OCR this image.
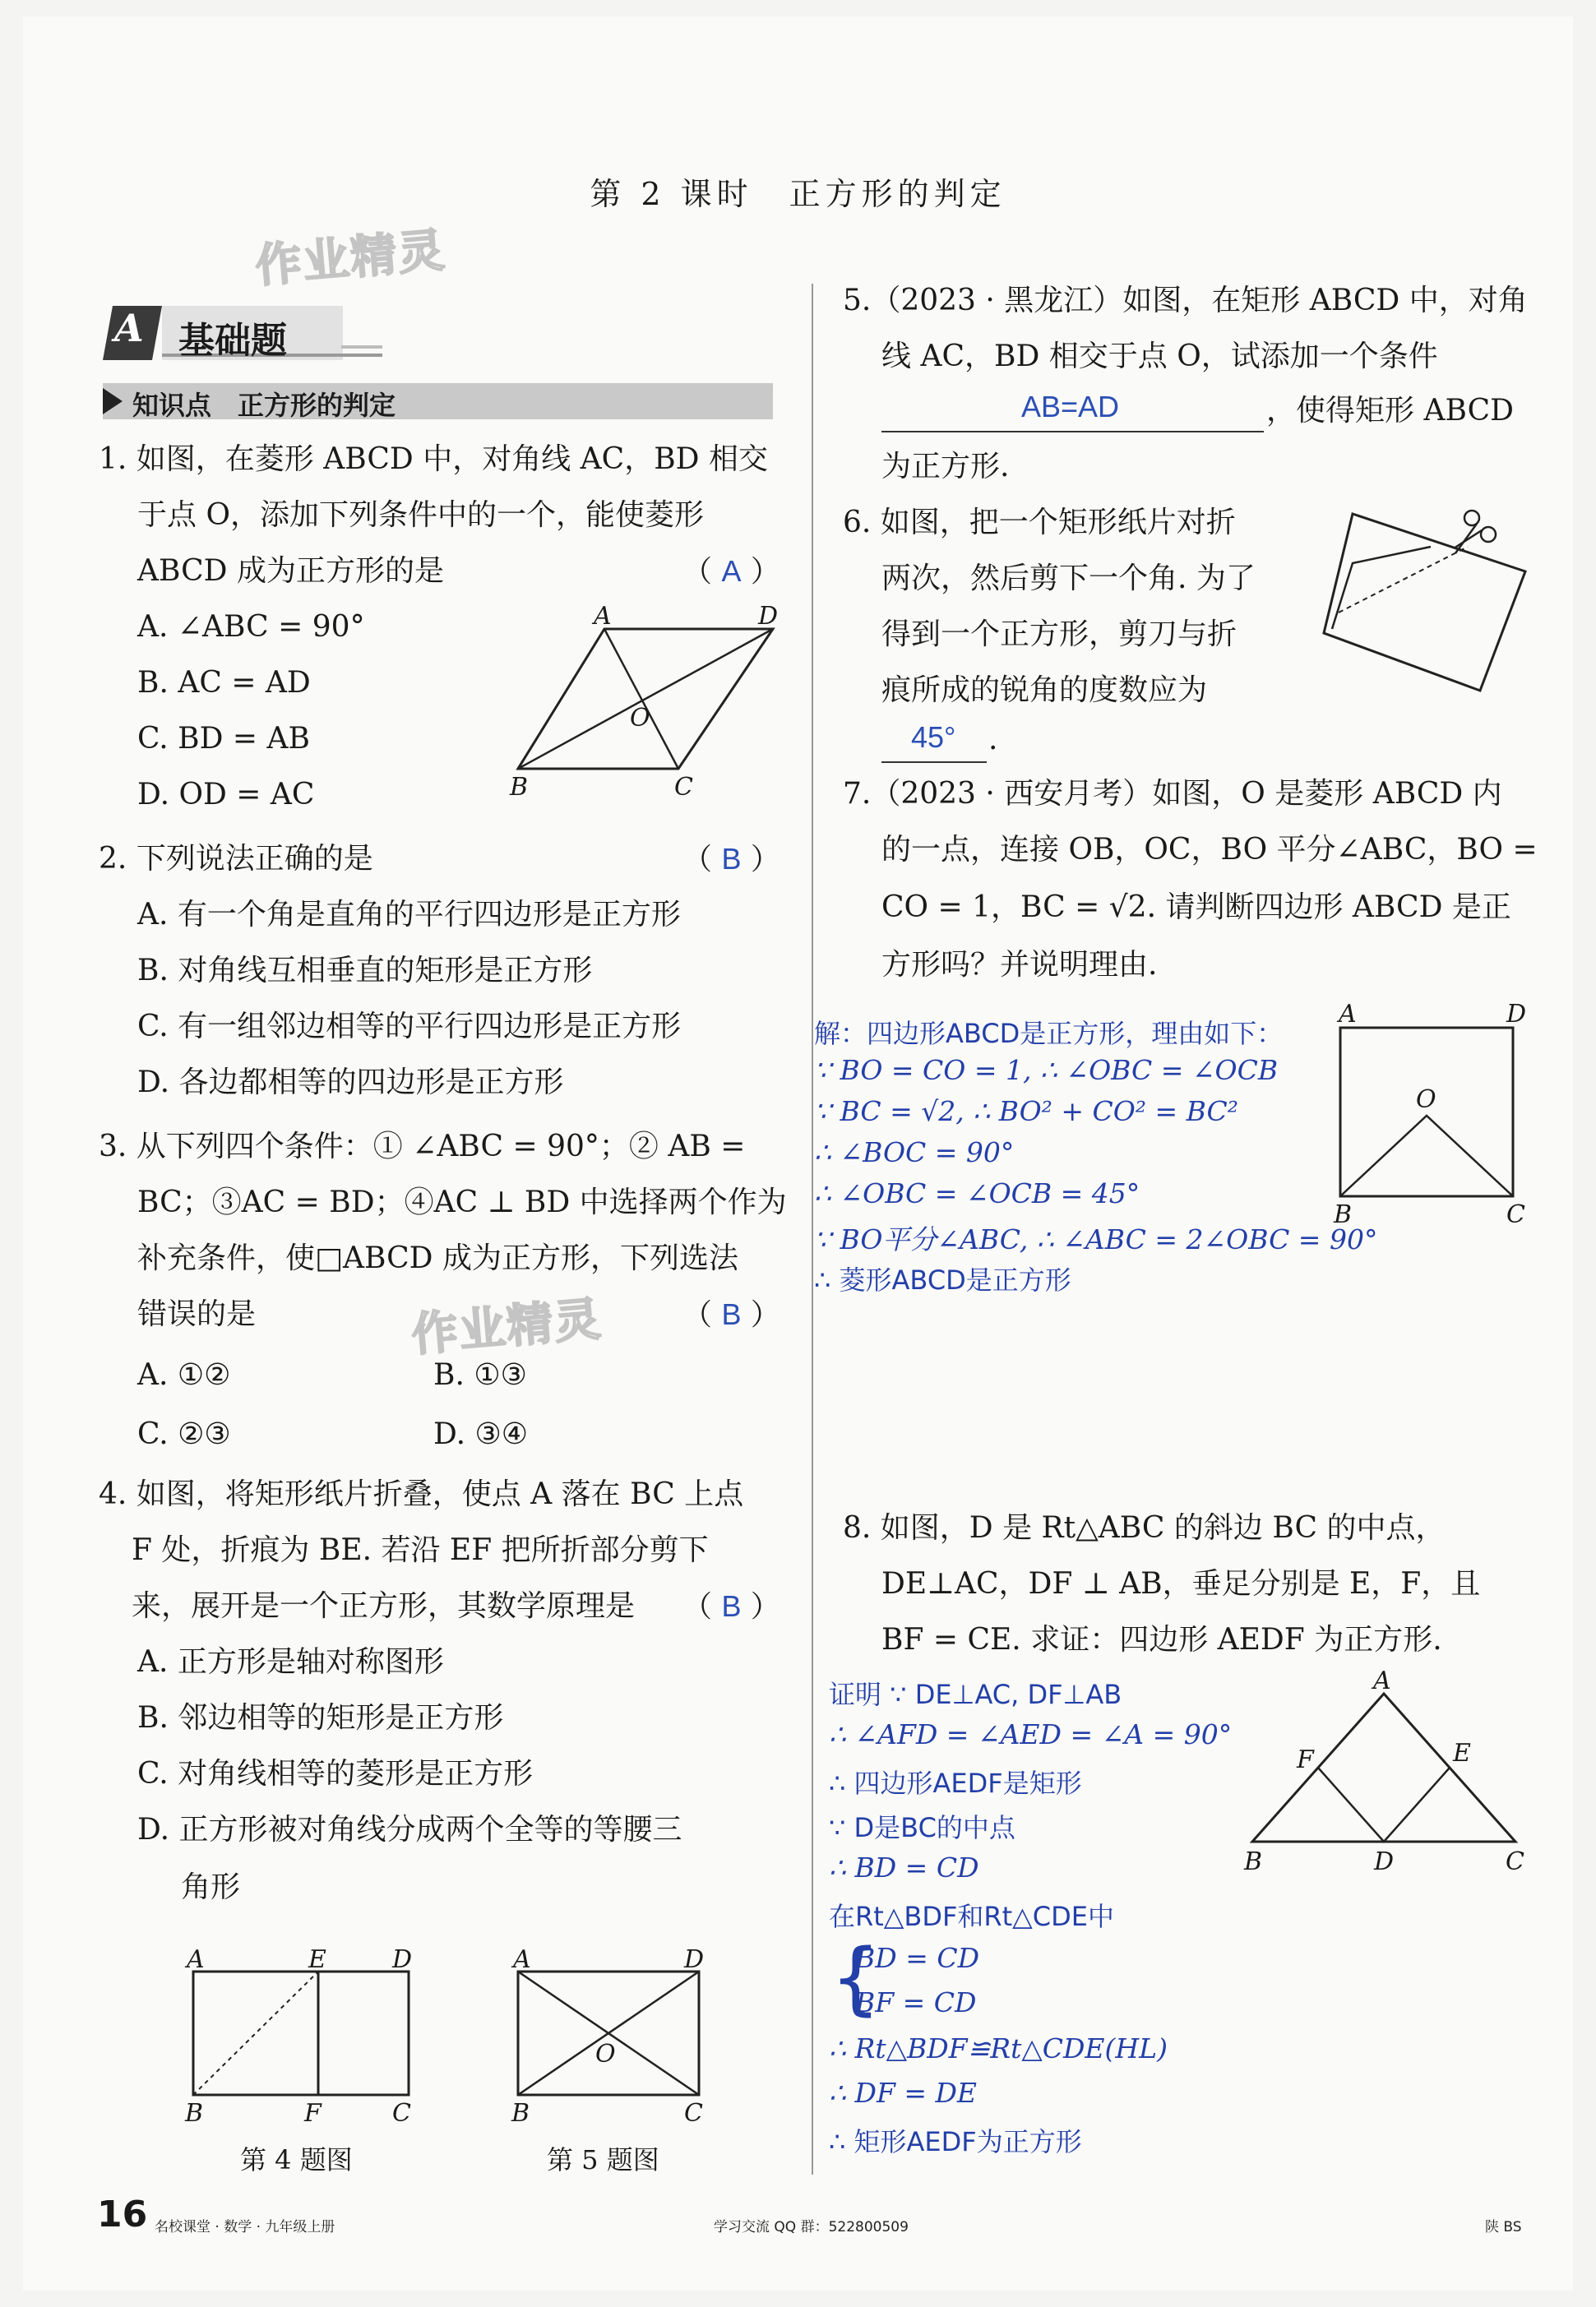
第 2 课时　正方形的判定
作业精灵
作业精灵
A 基础题
知识点　正方形的判定
1. 如图，在菱形 ABCD 中，对角线 AC，BD 相交
于点 O，添加下列条件中的一个，能使菱形
ABCD 成为正方形的是	（ A ）
A. ∠ABC = 90°
B. AC = AD
C. BD = AB
D. OD = AC
A	D
O
B	C
2. 下列说法正确的是	（ B ）
A. 有一个角是直角的平行四边形是正方形
B. 对角线互相垂直的矩形是正方形
C. 有一组邻边相等的平行四边形是正方形
D. 各边都相等的四边形是正方形
3. 从下列四个条件：① ∠ABC = 90°；② AB =
BC；③AC = BD；④AC ⊥ BD 中选择两个作为
补充条件，使□ABCD 成为正方形，下列选法
错误的是	（ B ）
A. ①②	B. ①③
C. ②③	D. ③④
4. 如图，将矩形纸片折叠，使点 A 落在 BC 上点
F 处，折痕为 BE. 若沿 EF 把所折部分剪下
来，展开是一个正方形，其数学原理是 （ B ）
A. 正方形是轴对称图形
B. 邻边相等的矩形是正方形
C. 对角线相等的菱形是正方形
D. 正方形被对角线分成两个全等的等腰三
角形
A	E	D
B	F	C
第 4 题图
A	D
O
B	C
第 5 题图
5.（2023 · 黑龙江）如图，在矩形 ABCD 中，对角
线 AC，BD 相交于点 O，试添加一个条件
AB=AD	，使得矩形 ABCD
为正方形.
6. 如图，把一个矩形纸片对折
两次，然后剪下一个角. 为了
得到一个正方形，剪刀与折
痕所成的锐角的度数应为
45° .
7.（2023 · 西安月考）如图，O 是菱形 ABCD 内
的一点，连接 OB，OC，BO 平分∠ABC，BO =
CO = 1，BC = √2. 请判断四边形 ABCD 是正
方形吗？并说明理由.
解：四边形ABCD是正方形，理由如下：
∵ BO = CO = 1, ∴ ∠OBC = ∠OCB
∵ BC = √2, ∴ BO² + CO² = BC²
∴ ∠BOC = 90°
∴ ∠OBC = ∠OCB = 45°
∵ BO平分∠ABC, ∴ ∠ABC = 2∠OBC = 90°
∴ 菱形ABCD是正方形
A	D
O
B	C
8. 如图，D 是 Rt△ABC 的斜边 BC 的中点，
DE⊥AC，DF ⊥ AB，垂足分别是 E，F，且
BF = CE. 求证：四边形 AEDF 为正方形.
证明 ∵ DE⊥AC, DF⊥AB
∴ ∠AFD = ∠AED = ∠A = 90°
∴ 四边形AEDF是矩形
∵ D是BC的中点
∴ BD = CD
在Rt△BDF和Rt△CDE中
{
BD = CD
BF = CD
∴ Rt△BDF≌Rt△CDE(HL)
∴ DF = DE
∴ 矩形AEDF为正方形
A
F	E
B	D	C
16 名校课堂 · 数学 · 九年级上册	学习交流 QQ 群：522800509	陕 BS
